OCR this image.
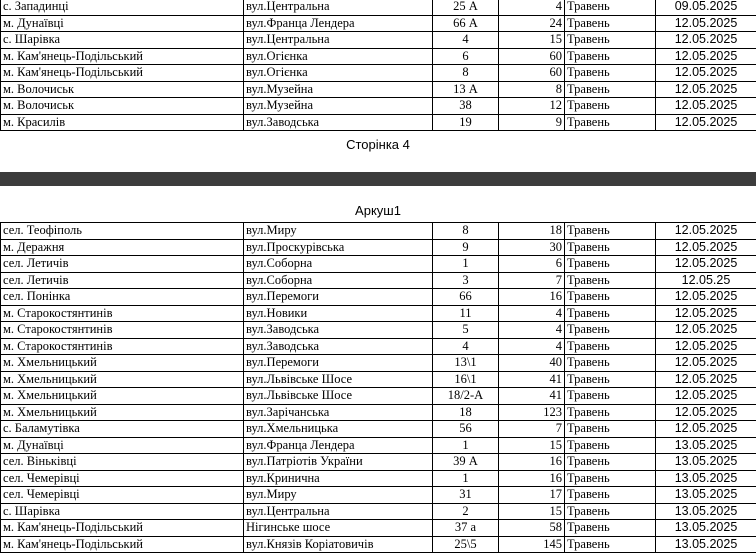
с. Западинці	вул.Центральна	25 А	4	Травень	09.05.2025
м. Дунаївці	вул.Франца Лендера	66 А	24	Травень	12.05.2025
с. Шарівка	вул.Центральна	4	15	Травень	12.05.2025
м. Кам'янець-Подільський	вул.Огієнка	6	60	Травень	12.05.2025
м. Кам'янець-Подільський	вул.Огієнка	8	60	Травень	12.05.2025
м. Волочиськ	вул.Музейна	13 А	8	Травень	12.05.2025
м. Волочиськ	вул.Музейна	38	12	Травень	12.05.2025
м. Красилів	вул.Заводська	19	9	Травень	12.05.2025
Сторінка 4
Аркуш1
сел. Теофіполь	вул.Миру	8	18	Травень	12.05.2025
м. Деражня	вул.Проскурівська	9	30	Травень	12.05.2025
сел. Летичів	вул.Соборна	1	6	Травень	12.05.2025
сел. Летичів	вул.Соборна	3	7	Травень	12.05.25
сел. Понінка	вул.Перемоги	66	16	Травень	12.05.2025
м. Старокостянтинів	вул.Новики	11	4	Травень	12.05.2025
м. Старокостянтинів	вул.Заводська	5	4	Травень	12.05.2025
м. Старокостянтинів	вул.Заводська	4	4	Травень	12.05.2025
м. Хмельницький	вул.Перемоги	13\1	40	Травень	12.05.2025
м. Хмельницький	вул.Львівське Шосе	16\1	41	Травень	12.05.2025
м. Хмельницький	вул.Львівське Шосе	18/2-А	41	Травень	12.05.2025
м. Хмельницький	вул.Зарічанська	18	123	Травень	12.05.2025
с. Баламутівка	вул.Хмельницька	56	7	Травень	12.05.2025
м. Дунаївці	вул.Франца Лендера	1	15	Травень	13.05.2025
сел. Віньківці	вул.Патріотів України	39 А	16	Травень	13.05.2025
сел. Чемерівці	вул.Кринична	1	16	Травень	13.05.2025
сел. Чемерівці	вул.Миру	31	17	Травень	13.05.2025
с. Шарівка	вул.Центральна	2	15	Травень	13.05.2025
м. Кам'янець-Подільський	Нігинське шосе	37 а	58	Травень	13.05.2025
м. Кам'янець-Подільський	вул.Князів Коріатовичів	25\5	145	Травень	13.05.2025
